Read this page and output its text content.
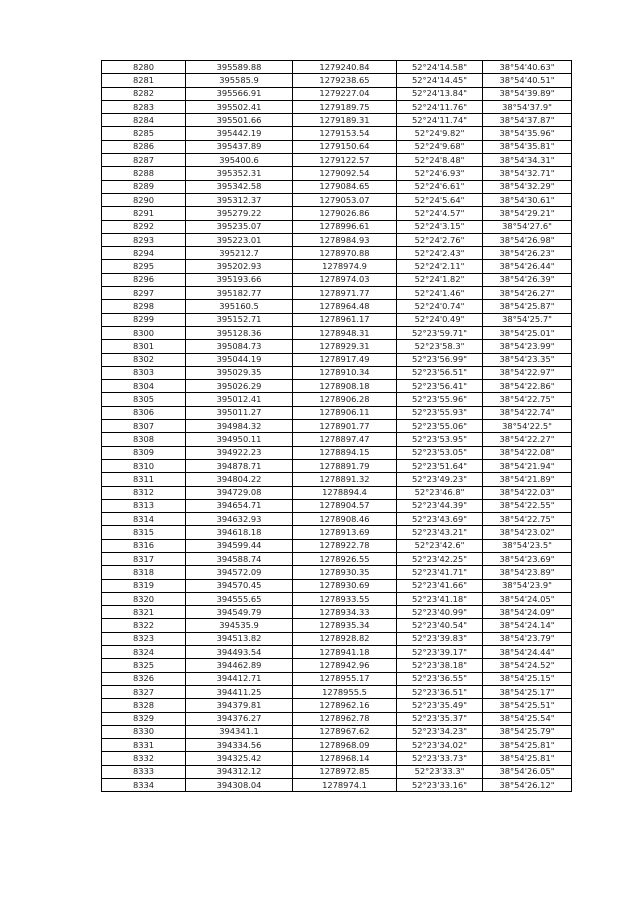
8280	395589.88	1279240.84	52°24'14.58"	38°54'40.63"
8281	395585.9	1279238.65	52°24'14.45"	38°54'40.51"
8282	395566.91	1279227.04	52°24'13.84"	38°54'39.89"
8283	395502.41	1279189.75	52°24'11.76"	38°54'37.9"
8284	395501.66	1279189.31	52°24'11.74"	38°54'37.87"
8285	395442.19	1279153.54	52°24'9.82"	38°54'35.96"
8286	395437.89	1279150.64	52°24'9.68"	38°54'35.81"
8287	395400.6	1279122.57	52°24'8.48"	38°54'34.31"
8288	395352.31	1279092.54	52°24'6.93"	38°54'32.71"
8289	395342.58	1279084.65	52°24'6.61"	38°54'32.29"
8290	395312.37	1279053.07	52°24'5.64"	38°54'30.61"
8291	395279.22	1279026.86	52°24'4.57"	38°54'29.21"
8292	395235.07	1278996.61	52°24'3.15"	38°54'27.6"
8293	395223.01	1278984.93	52°24'2.76"	38°54'26.98"
8294	395212.7	1278970.88	52°24'2.43"	38°54'26.23"
8295	395202.93	1278974.9	52°24'2.11"	38°54'26.44"
8296	395193.66	1278974.03	52°24'1.82"	38°54'26.39"
8297	395182.77	1278971.77	52°24'1.46"	38°54'26.27"
8298	395160.5	1278964.48	52°24'0.74"	38°54'25.87"
8299	395152.71	1278961.17	52°24'0.49"	38°54'25.7"
8300	395128.36	1278948.31	52°23'59.71"	38°54'25.01"
8301	395084.73	1278929.31	52°23'58.3"	38°54'23.99"
8302	395044.19	1278917.49	52°23'56.99"	38°54'23.35"
8303	395029.35	1278910.34	52°23'56.51"	38°54'22.97"
8304	395026.29	1278908.18	52°23'56.41"	38°54'22.86"
8305	395012.41	1278906.28	52°23'55.96"	38°54'22.75"
8306	395011.27	1278906.11	52°23'55.93"	38°54'22.74"
8307	394984.32	1278901.77	52°23'55.06"	38°54'22.5"
8308	394950.11	1278897.47	52°23'53.95"	38°54'22.27"
8309	394922.23	1278894.15	52°23'53.05"	38°54'22.08"
8310	394878.71	1278891.79	52°23'51.64"	38°54'21.94"
8311	394804.22	1278891.32	52°23'49.23"	38°54'21.89"
8312	394729.08	1278894.4	52°23'46.8"	38°54'22.03"
8313	394654.71	1278904.57	52°23'44.39"	38°54'22.55"
8314	394632.93	1278908.46	52°23'43.69"	38°54'22.75"
8315	394618.18	1278913.69	52°23'43.21"	38°54'23.02"
8316	394599.44	1278922.78	52°23'42.6"	38°54'23.5"
8317	394588.74	1278926.55	52°23'42.25"	38°54'23.69"
8318	394572.09	1278930.35	52°23'41.71"	38°54'23.89"
8319	394570.45	1278930.69	52°23'41.66"	38°54'23.9"
8320	394555.65	1278933.55	52°23'41.18"	38°54'24.05"
8321	394549.79	1278934.33	52°23'40.99"	38°54'24.09"
8322	394535.9	1278935.34	52°23'40.54"	38°54'24.14"
8323	394513.82	1278928.82	52°23'39.83"	38°54'23.79"
8324	394493.54	1278941.18	52°23'39.17"	38°54'24.44"
8325	394462.89	1278942.96	52°23'38.18"	38°54'24.52"
8326	394412.71	1278955.17	52°23'36.55"	38°54'25.15"
8327	394411.25	1278955.5	52°23'36.51"	38°54'25.17"
8328	394379.81	1278962.16	52°23'35.49"	38°54'25.51"
8329	394376.27	1278962.78	52°23'35.37"	38°54'25.54"
8330	394341.1	1278967.62	52°23'34.23"	38°54'25.79"
8331	394334.56	1278968.09	52°23'34.02"	38°54'25.81"
8332	394325.42	1278968.14	52°23'33.73"	38°54'25.81"
8333	394312.12	1278972.85	52°23'33.3"	38°54'26.05"
8334	394308.04	1278974.1	52°23'33.16"	38°54'26.12"
